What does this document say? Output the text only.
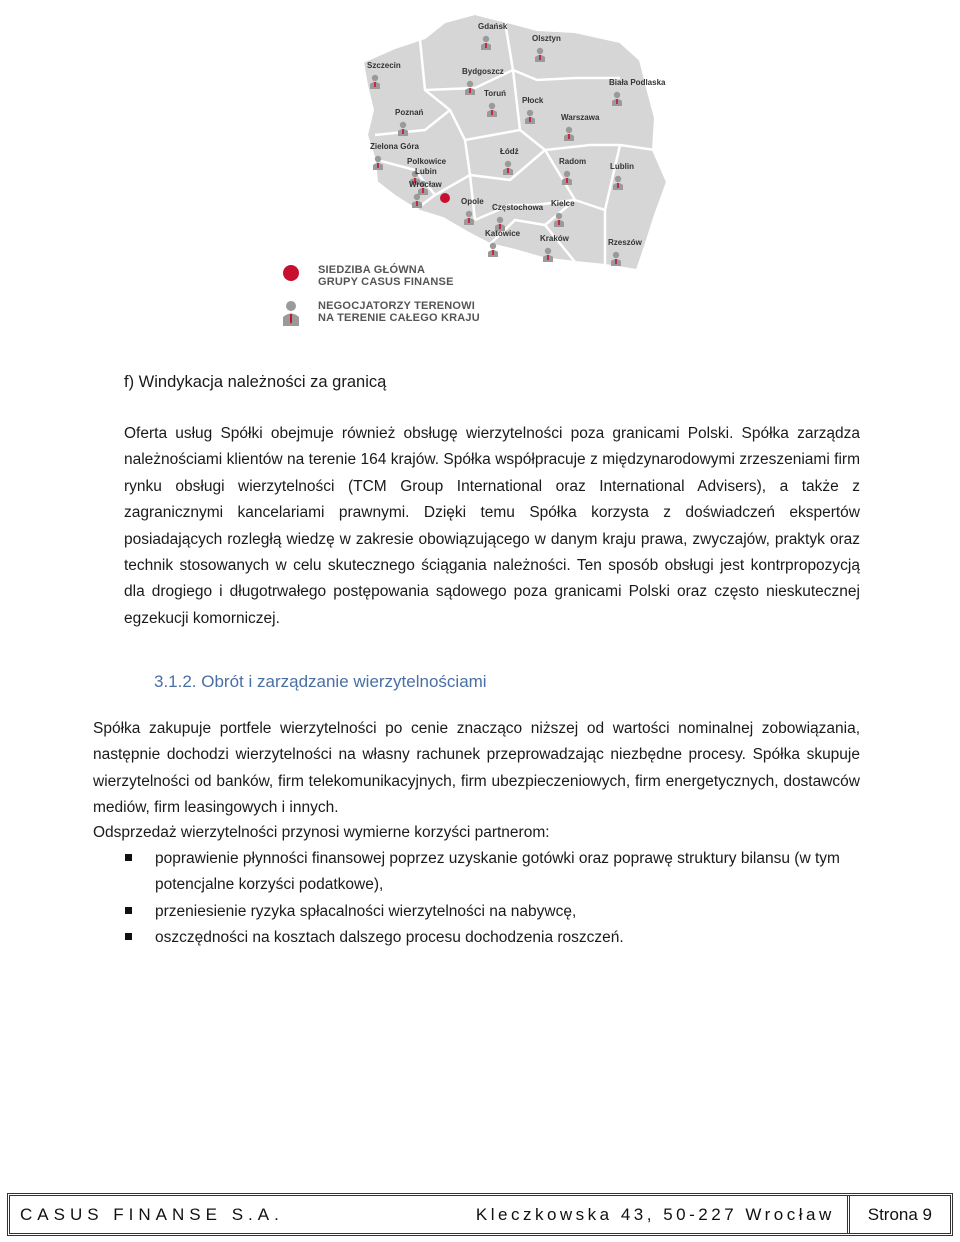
Gdańsk
Olsztyn
Szczecin
Bydgoszcz
Toruń
Biała Podlaska
Płock
Poznań
Warszawa
Zielona Góra
Łódź
Radom
Lublin
Polkowice
Lubin
Wrocław
Opole
Częstochowa Kielce
Katowice
Kraków	Rzeszów
SIEDZIBA GŁÓWNA
GRUPY CASUS FINANSE
NEGOCJATORZY TERENOWI
NA TERENIE CAŁEGO KRAJU
f) Windykacja należności za granicą

Oferta usług Spółki obejmuje również obsługę wierzytelności poza granicami Polski. Spółka zarządza należnościami klientów na terenie 164 krajów. Spółka współpracuje z międzynarodowymi zrzeszeniami firm rynku obsługi wierzytelności (TCM Group International oraz International Advisers), a także z zagranicznymi kancelariami prawnymi. Dzięki temu Spółka korzysta z doświadczeń ekspertów posiadających rozległą wiedzę w zakresie obowiązującego w danym kraju prawa, zwyczajów, praktyk oraz technik stosowanych w celu skutecznego ściągania należności. Ten sposób obsługi jest kontrpropozycją dla drogiego i długotrwałego postępowania sądowego poza granicami Polski oraz często nieskutecznej egzekucji komorniczej.

3.1.2. Obrót i zarządzanie wierzytelnościami

Spółka zakupuje portfele wierzytelności po cenie znacząco niższej od wartości nominalnej zobowiązania, następnie dochodzi wierzytelności na własny rachunek przeprowadzając niezbędne procesy. Spółka skupuje wierzytelności od banków, firm telekomunikacyjnych, firm ubezpieczeniowych, firm energetycznych, dostawców mediów, firm leasingowych i innych.

Odsprzedaż wierzytelności przynosi wymierne korzyści partnerom:

poprawienie płynności finansowej poprzez uzyskanie gotówki oraz poprawę struktury bilansu (w tym potencjalne korzyści podatkowe),
przeniesienie ryzyka spłacalności wierzytelności na nabywcę,
oszczędności na kosztach dalszego procesu dochodzenia roszczeń.
CASUS FINANSE S.A.	Kleczkowska 43, 50-227 Wrocław	Strona 9
